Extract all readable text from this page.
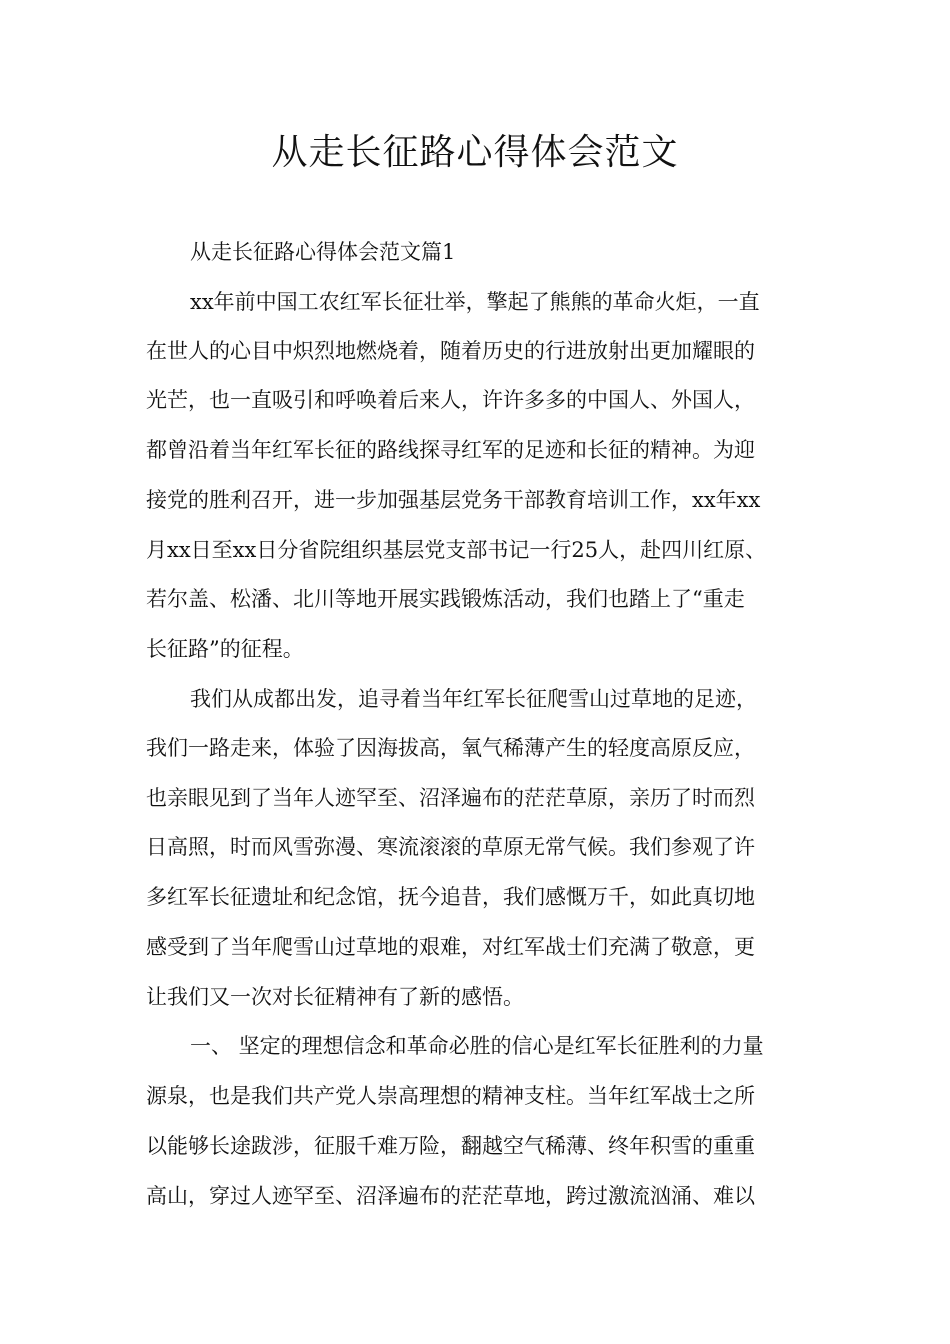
从走长征路心得体会范文

从走长征路心得体会范文篇1

xx年前中国工农红军长征壮举，擎起了熊熊的革命火炬，一直

在世人的心目中炽烈地燃烧着，随着历史的行进放射出更加耀眼的

光芒，也一直吸引和呼唤着后来人，许许多多的中国人、外国人，

都曾沿着当年红军长征的路线探寻红军的足迹和长征的精神。为迎

接党的胜利召开，进一步加强基层党务干部教育培训工作，xx年xx

月xx日至xx日分省院组织基层党支部书记一行25人，赴四川红原、

若尔盖、松潘、北川等地开展实践锻炼活动，我们也踏上了“重走

长征路”的征程。

我们从成都出发，追寻着当年红军长征爬雪山过草地的足迹，

我们一路走来，体验了因海拔高，氧气稀薄产生的轻度高原反应，

也亲眼见到了当年人迹罕至、沼泽遍布的茫茫草原，亲历了时而烈

日高照，时而风雪弥漫、寒流滚滚的草原无常气候。我们参观了许

多红军长征遗址和纪念馆，抚今追昔，我们感慨万千，如此真切地

感受到了当年爬雪山过草地的艰难，对红军战士们充满了敬意，更

让我们又一次对长征精神有了新的感悟。

一、 坚定的理想信念和革命必胜的信心是红军长征胜利的力量

源泉，也是我们共产党人崇高理想的精神支柱。当年红军战士之所

以能够长途跋涉，征服千难万险，翻越空气稀薄、终年积雪的重重

高山，穿过人迹罕至、沼泽遍布的茫茫草地，跨过激流汹涌、难以
